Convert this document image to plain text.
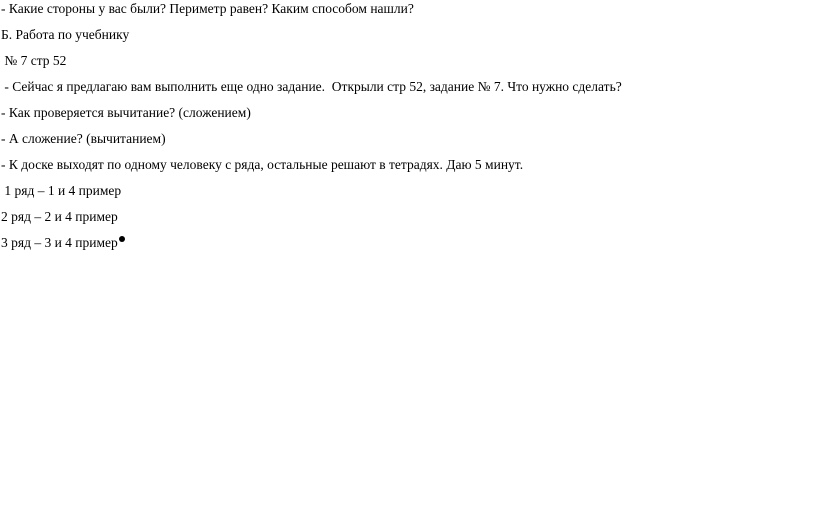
- Какие стороны у вас были? Периметр равен? Каким способом нашли?
Б. Работа по учебнику
№ 7 стр 52
- Сейчас я предлагаю вам выполнить еще одно задание.  Открыли стр 52, задание № 7. Что нужно сделать?
- Как проверяется вычитание? (сложением)
- А сложение? (вычитанием)
- К доске выходят по одному человеку с ряда, остальные решают в тетрадях. Даю 5 минут.
1 ряд – 1 и 4 пример
2 ряд – 2 и 4 пример
3 ряд – 3 и 4 пример
